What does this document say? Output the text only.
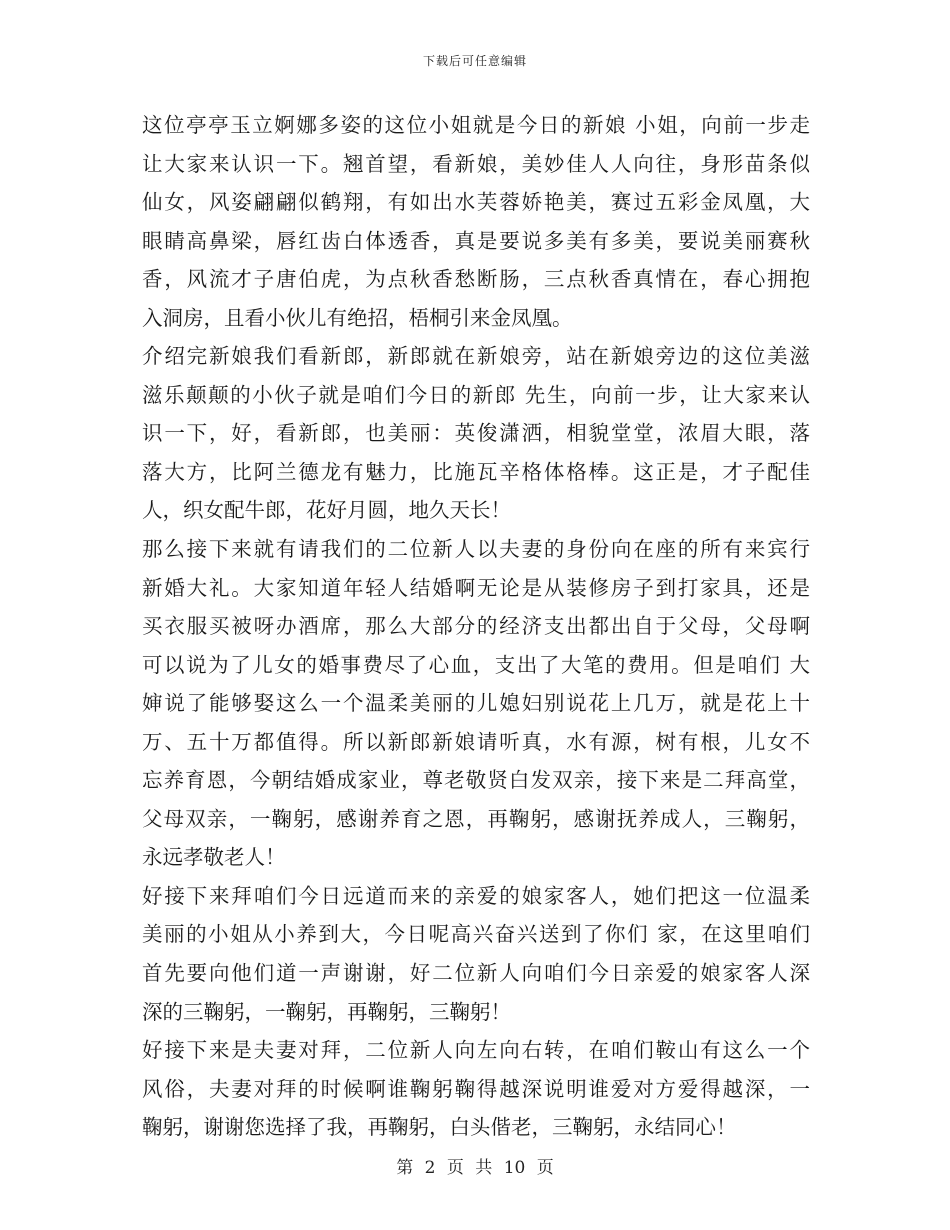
下载后可任意编辑
这位亭亭玉立婀娜多姿的这位小姐就是今日的新娘 小姐，向前一步走
让大家来认识一下。翘首望，看新娘，美妙佳人人向往，身形苗条似
仙女，风姿翩翩似鹤翔，有如出水芙蓉娇艳美，赛过五彩金凤凰，大
眼睛高鼻梁，唇红齿白体透香，真是要说多美有多美，要说美丽赛秋
香，风流才子唐伯虎，为点秋香愁断肠，三点秋香真情在，春心拥抱
入洞房，且看小伙儿有绝招，梧桐引来金凤凰。
介绍完新娘我们看新郎，新郎就在新娘旁，站在新娘旁边的这位美滋
滋乐颠颠的小伙子就是咱们今日的新郎 先生，向前一步，让大家来认
识一下，好，看新郎，也美丽：英俊潇洒，相貌堂堂，浓眉大眼，落
落大方，比阿兰德龙有魅力，比施瓦辛格体格棒。这正是，才子配佳
人，织女配牛郎，花好月圆，地久天长！
那么接下来就有请我们的二位新人以夫妻的身份向在座的所有来宾行
新婚大礼。大家知道年轻人结婚啊无论是从装修房子到打家具，还是
买衣服买被呀办酒席，那么大部分的经济支出都出自于父母，父母啊
可以说为了儿女的婚事费尽了心血，支出了大笔的费用。但是咱们 大
婶说了能够娶这么一个温柔美丽的儿媳妇别说花上几万，就是花上十
万、五十万都值得。所以新郎新娘请听真，水有源，树有根，儿女不
忘养育恩，今朝结婚成家业，尊老敬贤白发双亲，接下来是二拜高堂，
父母双亲，一鞠躬，感谢养育之恩，再鞠躬，感谢抚养成人，三鞠躬，
永远孝敬老人！
好接下来拜咱们今日远道而来的亲爱的娘家客人，她们把这一位温柔
美丽的小姐从小养到大，今日呢高兴奋兴送到了你们 家，在这里咱们
首先要向他们道一声谢谢，好二位新人向咱们今日亲爱的娘家客人深
深的三鞠躬，一鞠躬，再鞠躬，三鞠躬！
好接下来是夫妻对拜，二位新人向左向右转，在咱们鞍山有这么一个
风俗，夫妻对拜的时候啊谁鞠躬鞠得越深说明谁爱对方爱得越深，一
鞠躬，谢谢您选择了我，再鞠躬，白头偕老，三鞠躬，永结同心！
第 2 页 共 10 页
